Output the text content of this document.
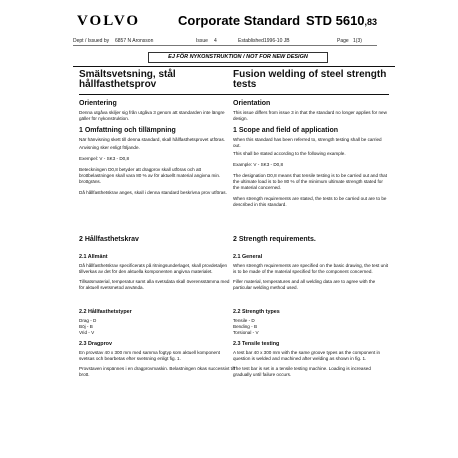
VOLVO	Corporate Standard STD 5610,83
Dept / Issued by 6857 N Aronsson	Issue 4	Established 1996-10 JB	Page 1(3)
EJ FÖR NYKONSTRUKTION / NOT FOR NEW DESIGN
Smältsvetsning, stål hållfasthetsprov
Orientering

Denna utgåva skiljer sig från utgåva 3 genom att standarden inte längre gäller för nykonstruktion.

1 Omfattning och tillämpning

När hänvisning skett till denna standard, skall hållfasthetsprovet utföras.

Anvisning sker enligt följande.

Exempel: V - SK3 - D0,8

Beteckningen D0,8 betyder att dragprov skall utföras och att brottbelastningen skall vara 80 % av för aktuellt material angivna min. brottgräns.

Då hållfasthetskrav anges, skall i denna standard beskrivna prov utföras.

2 Hållfasthetskrav
2.1 Allmänt

Då hållfasthetskrav specificerats på ritningsunderlaget, skall provdetaljen tillverkas av det för den aktuella komponenten angivna materialet.

Tillsatsmaterial, temperatur samt alla svetsdata skall överensstämma med för aktuell svetsmetod använda.

2.2 Hållfasthetstyper

Drag - D

Böj - B

Vrid - V

2.3 Dragprov

En provstav 40 x 300 mm med samma fogtyp som aktuell komponent svetsas och bearbetas efter svetsning enligt fig. 1.

Provstaven inspännes i en dragprovmaskin. Belastningen ökas successivt till brott.

Fusion welding of steel strength tests
Orientation

This issue differs from issue 3 in that the standard no longer applies for new design.

1 Scope and field of application

When this standard has been referred to, strength testing shall be carried out.

This shall be stated according to the following example.

Example: V - SK3 - D0,8

The designation D0,8 means that tensile testing is to be carried out and that the ultimate load is to be 80 % of the minimum ultimate strength stated for the material concerned.

When strength requirements are stated, the tests to be carried out are to be described in this standard.

2 Strength requirements.
2.1 General

When strength requirements are specified on the basic drawing, the test unit is to be made of the material specified for the component concerned.

Filler material, temperatures and all welding data are to agree with the particular welding method used.

2.2 Strength types

Tensile - D

Bending - B

Torsional - V

2.3 Tensile testing

A test bar 40 x 300 mm with the same groove types as the component in question is welded and machined after welding as shown in fig. 1.

The test bar is set in a tensile testing machine. Loading is increased gradually until failure occurs.
